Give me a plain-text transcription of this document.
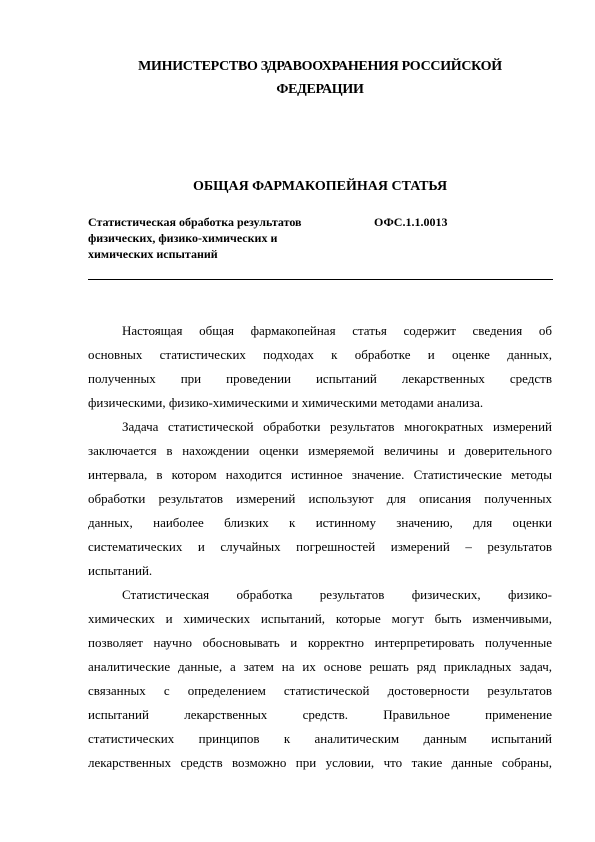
МИНИСТЕРСТВО ЗДРАВООХРАНЕНИЯ РОССИЙСКОЙ
ФЕДЕРАЦИИ
ОБЩАЯ ФАРМАКОПЕЙНАЯ СТАТЬЯ
Статистическая обработка результатов
физических, физико-химических и
химических испытаний
ОФС.1.1.0013
Настоящая общая фармакопейная статья содержит сведения об
основных статистических подходах к обработке и оценке данных,
полученных при проведении испытаний лекарственных средств
физическими, физико-химическими и химическими методами анализа.
Задача статистической обработки результатов многократных измерений
заключается в нахождении оценки измеряемой величины и доверительного
интервала, в котором находится истинное значение. Статистические методы
обработки результатов измерений используют для описания полученных
данных, наиболее близких к истинному значению, для оценки
систематических и случайных погрешностей измерений – результатов
испытаний.
Статистическая обработка результатов физических, физико-
химических и химических испытаний, которые могут быть изменчивыми,
позволяет научно обосновывать и корректно интерпретировать полученные
аналитические данные, а затем на их основе решать ряд прикладных задач,
связанных с определением статистической достоверности результатов
испытаний лекарственных средств. Правильное применение
статистических принципов к аналитическим данным испытаний
лекарственных средств возможно при условии, что такие данные собраны,
